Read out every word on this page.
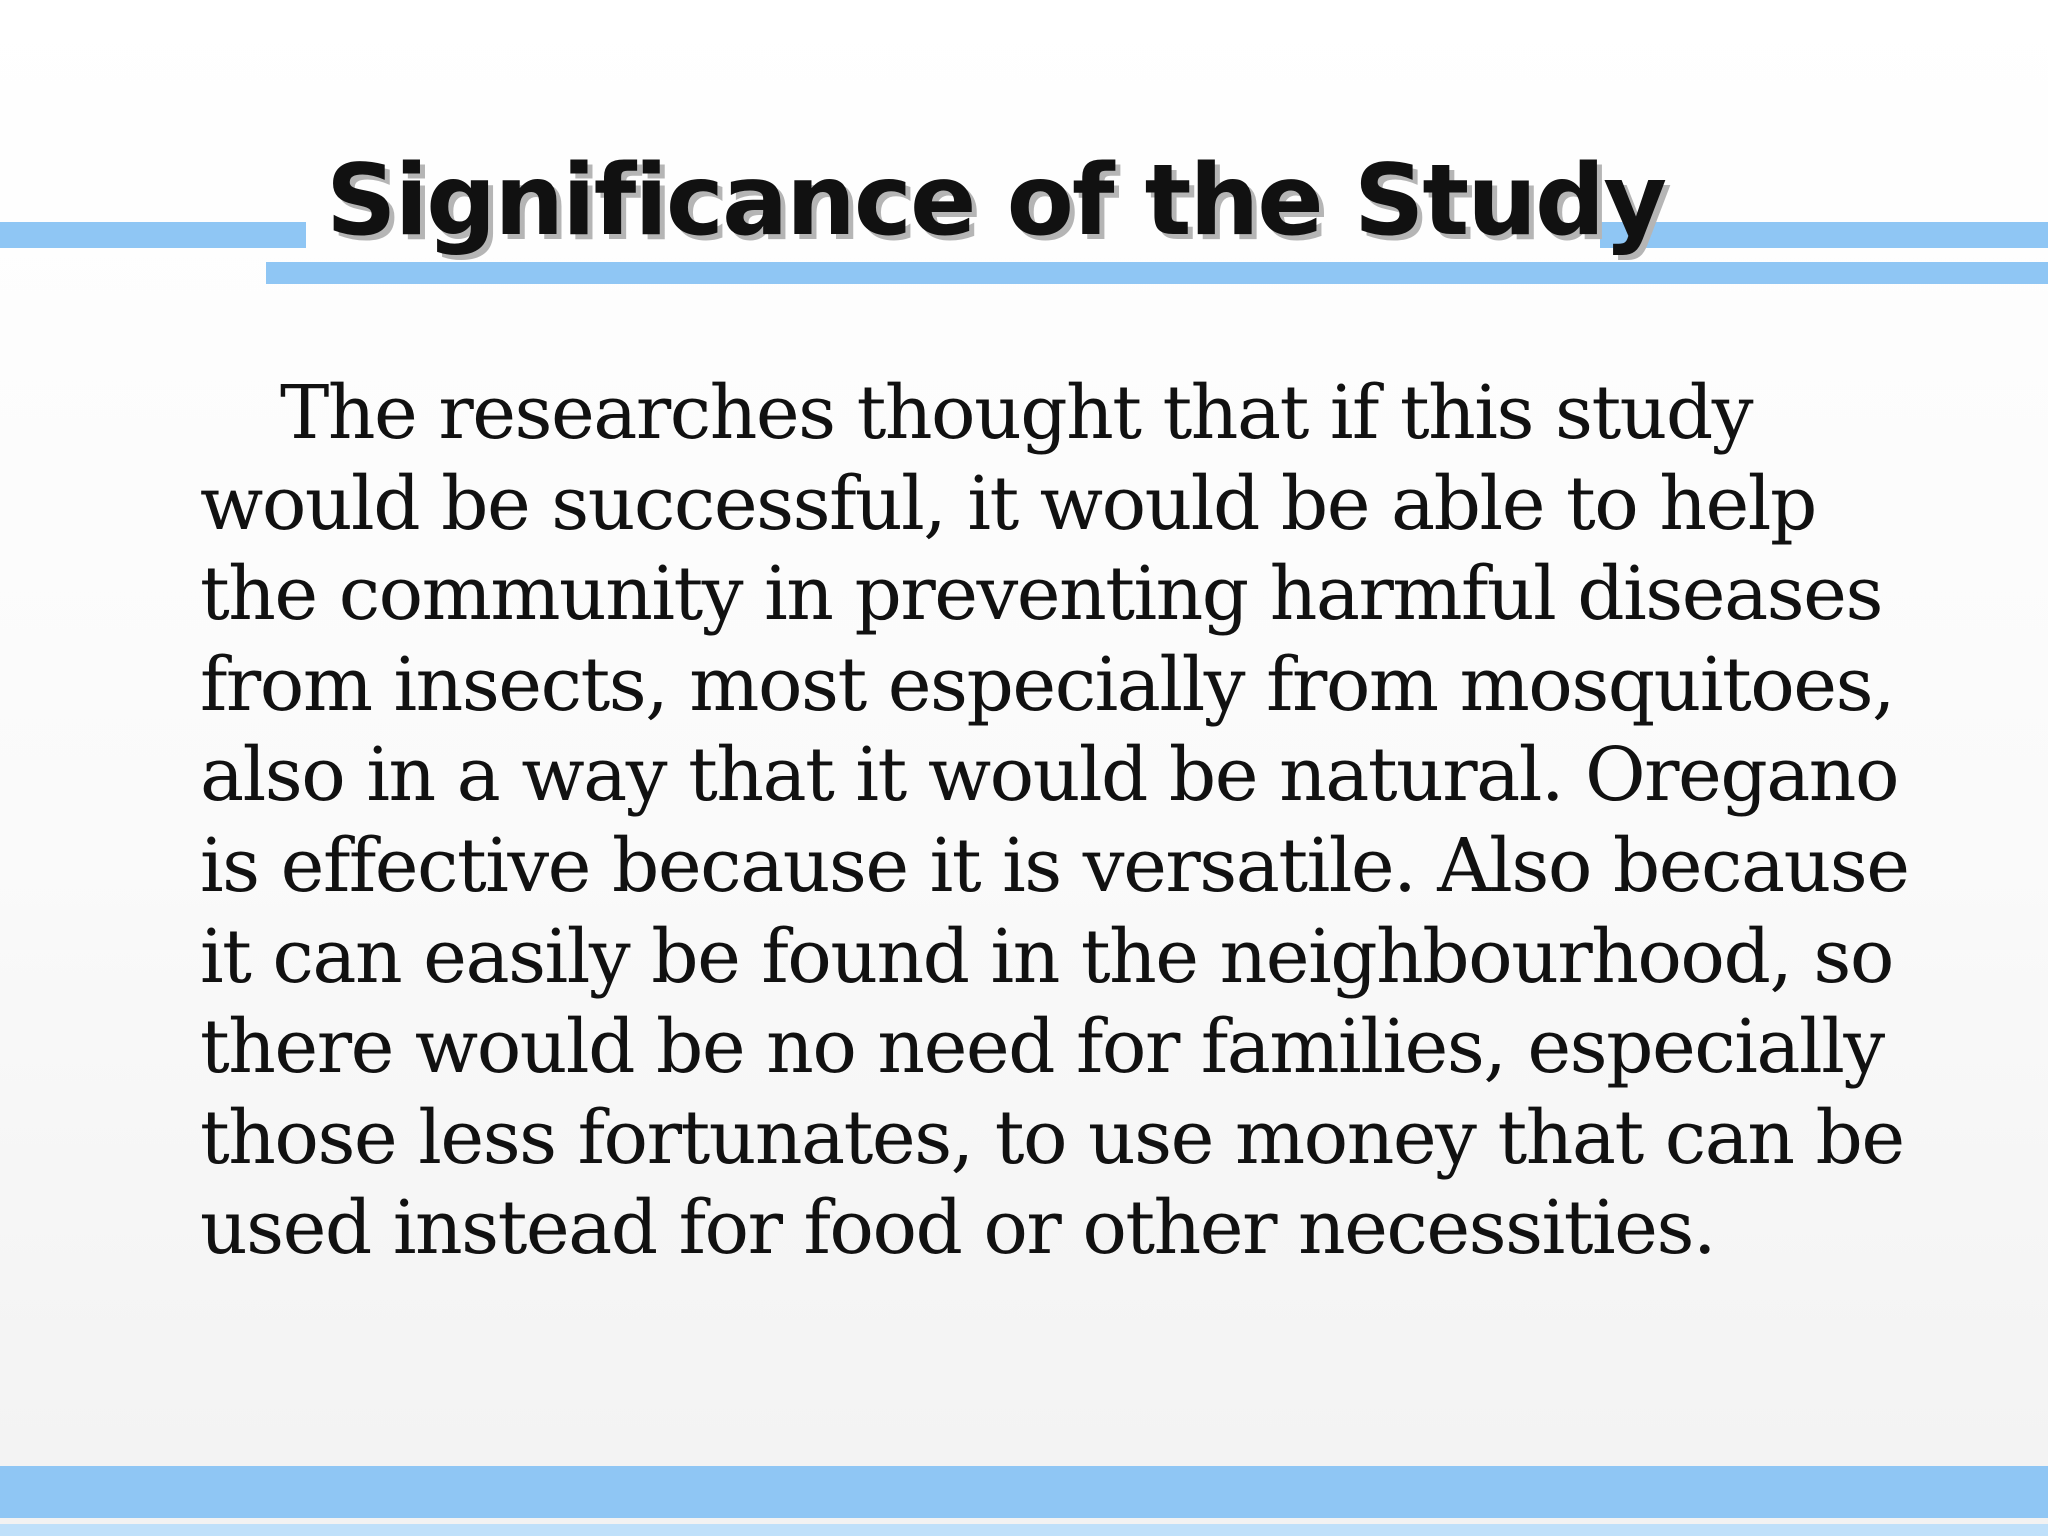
Significance of the Study

The researches thought that if this study would be successful, it would be able to help the community in preventing harmful diseases from insects, most especially from mosquitoes, also in a way that it would be natural. Oregano is effective because it is versatile. Also because it can easily be found in the neighbourhood, so there would be no need for families, especially those less fortunates, to use money that can be used instead for food or other necessities.
